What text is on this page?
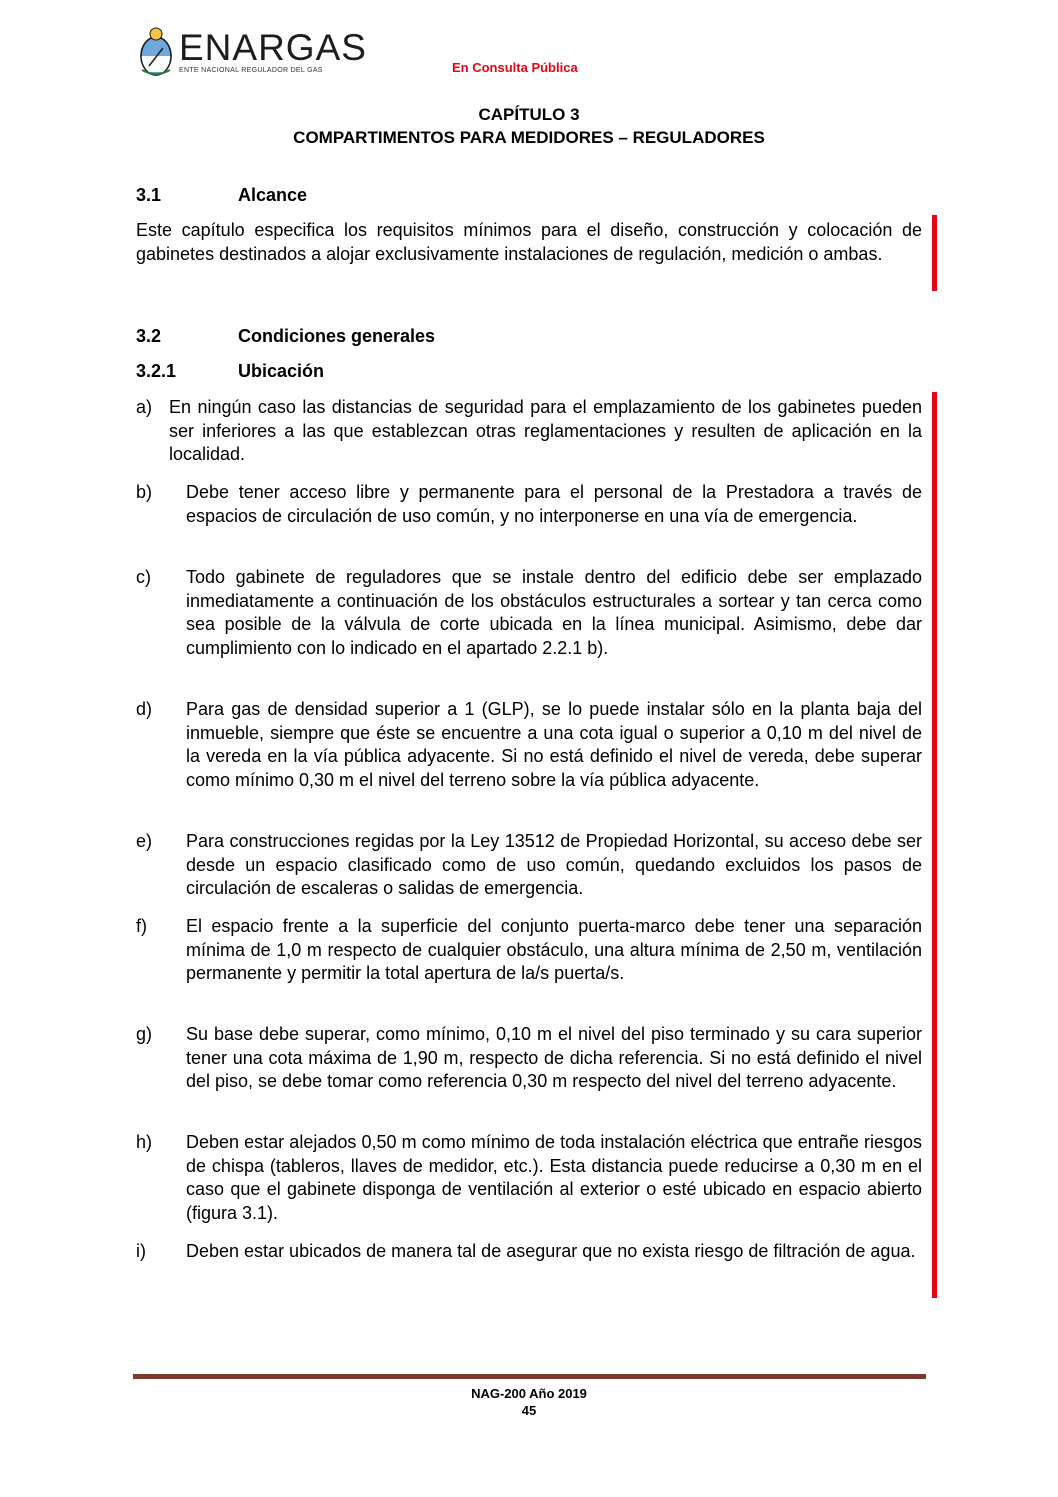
ENARGAS
ENTE NACIONAL REGULADOR DEL GAS	En Consulta Pública
CAPÍTULO 3
COMPARTIMENTOS PARA MEDIDORES – REGULADORES
3.1	Alcance
Este capítulo especifica los requisitos mínimos para el diseño, construcción y colocación de gabinetes destinados a alojar exclusivamente instalaciones de regulación, medición o ambas.
3.2	Condiciones generales
3.2.1	Ubicación
a) En ningún caso las distancias de seguridad para el emplazamiento de los gabinetes pueden ser inferiores a las que establezcan otras reglamentaciones y resulten de aplicación en la localidad.
b) Debe tener acceso libre y permanente para el personal de la Prestadora a través de espacios de circulación de uso común, y no interponerse en una vía de emergencia.
c) Todo gabinete de reguladores que se instale dentro del edificio debe ser emplazado inmediatamente a continuación de los obstáculos estructurales a sortear y tan cerca como sea posible de la válvula de corte ubicada en la línea municipal. Asimismo, debe dar cumplimiento con lo indicado en el apartado 2.2.1 b).
d) Para gas de densidad superior a 1 (GLP), se lo puede instalar sólo en la planta baja del inmueble, siempre que éste se encuentre a una cota igual o superior a 0,10 m del nivel de la vereda en la vía pública adyacente. Si no está definido el nivel de vereda, debe superar como mínimo 0,30 m el nivel del terreno sobre la vía pública adyacente.
e) Para construcciones regidas por la Ley 13512 de Propiedad Horizontal, su acceso debe ser desde un espacio clasificado como de uso común, quedando excluidos los pasos de circulación de escaleras o salidas de emergencia.
f) El espacio frente a la superficie del conjunto puerta-marco debe tener una separación mínima de 1,0 m respecto de cualquier obstáculo, una altura mínima de 2,50 m, ventilación permanente y permitir la total apertura de la/s puerta/s.
g) Su base debe superar, como mínimo, 0,10 m el nivel del piso terminado y su cara superior tener una cota máxima de 1,90 m, respecto de dicha referencia. Si no está definido el nivel del piso, se debe tomar como referencia 0,30 m respecto del nivel del terreno adyacente.
h) Deben estar alejados 0,50 m como mínimo de toda instalación eléctrica que entrañe riesgos de chispa (tableros, llaves de medidor, etc.). Esta distancia puede reducirse a 0,30 m en el caso que el gabinete disponga de ventilación al exterior o esté ubicado en espacio abierto (figura 3.1).
i) Deben estar ubicados de manera tal de asegurar que no exista riesgo de filtración de agua.
NAG-200 Año 2019
45
